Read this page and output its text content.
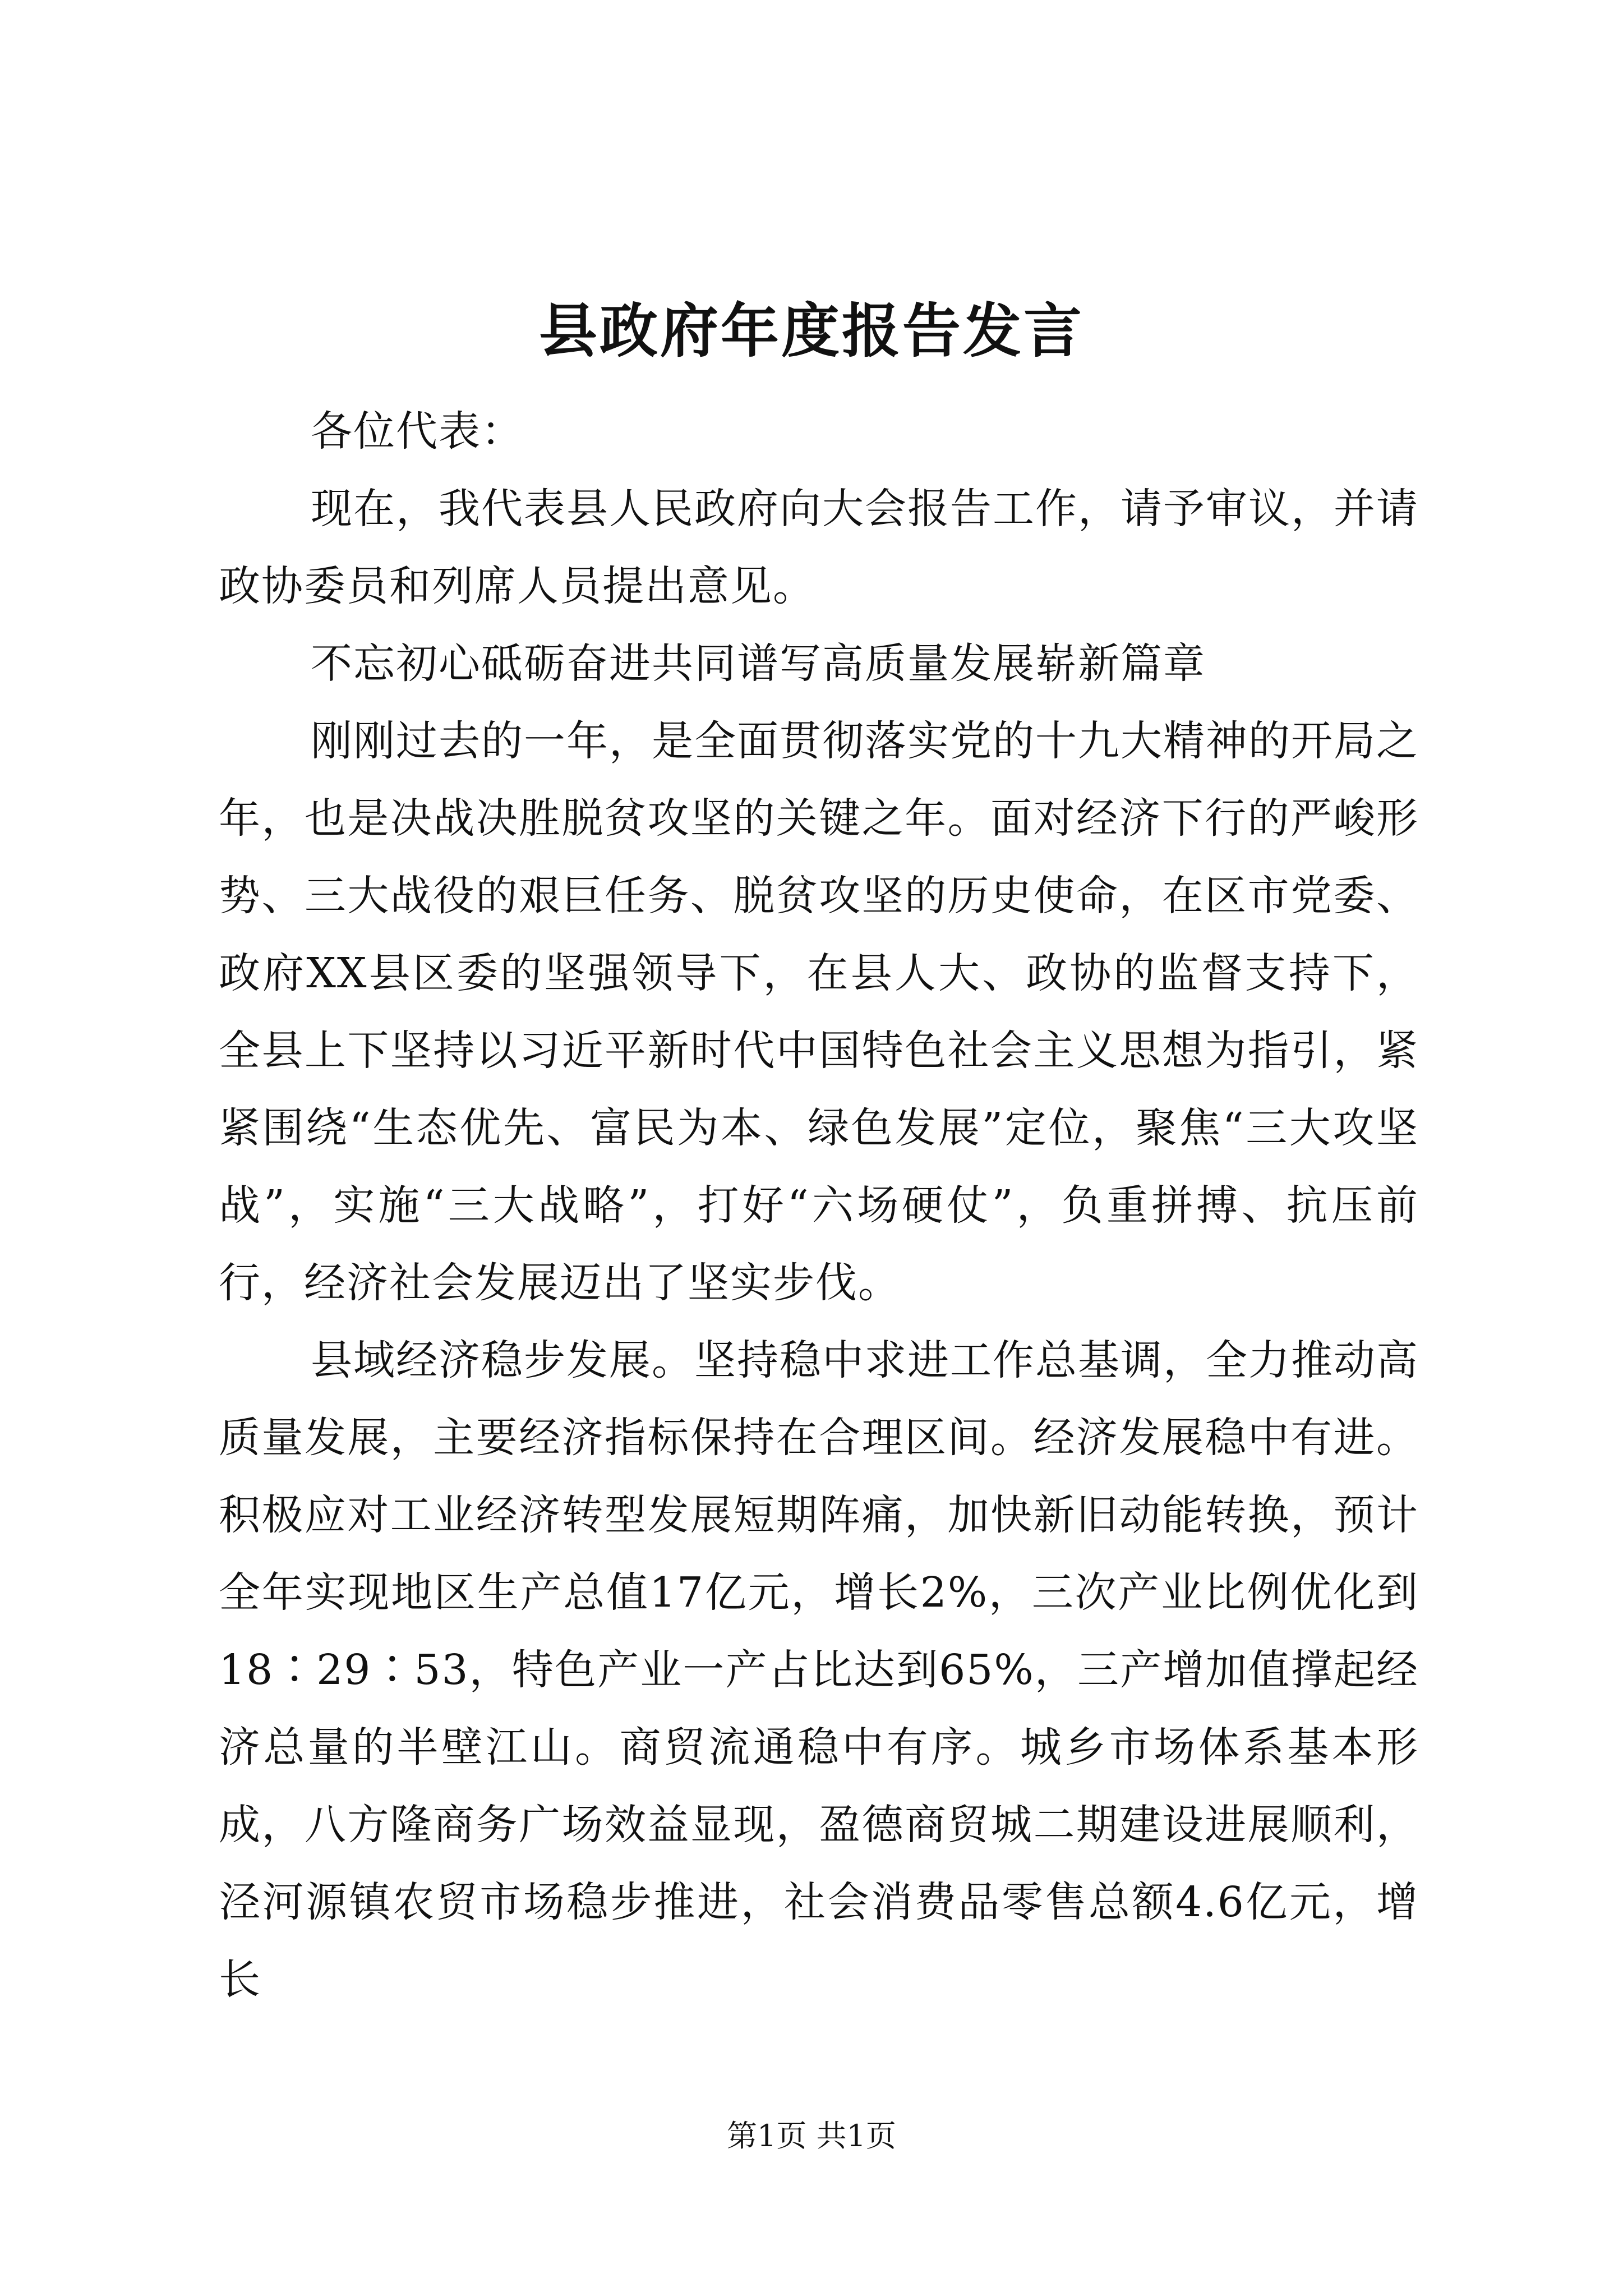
县政府年度报告发言

各位代表：

现在，我代表县人民政府向大会报告工作，请予审议，并请政协委员和列席人员提出意见。

不忘初心砥砺奋进共同谱写高质量发展崭新篇章

刚刚过去的一年，是全面贯彻落实党的十九大精神的开局之年，也是决战决胜脱贫攻坚的关键之年。面对经济下行的严峻形势、三大战役的艰巨任务、脱贫攻坚的历史使命，在区市党委、政府XX县区委的坚强领导下，在县人大、政协的监督支持下，全县上下坚持以习近平新时代中国特色社会主义思想为指引，紧紧围绕“生态优先、富民为本、绿色发展”定位，聚焦“三大攻坚战”，实施“三大战略”，打好“六场硬仗”，负重拼搏、抗压前行，经济社会发展迈出了坚实步伐。

县域经济稳步发展。坚持稳中求进工作总基调，全力推动高质量发展，主要经济指标保持在合理区间。经济发展稳中有进。积极应对工业经济转型发展短期阵痛，加快新旧动能转换，预计全年实现地区生产总值17亿元，增长2%，三次产业比例优化到18∶29∶53，特色产业一产占比达到65%，三产增加值撑起经济总量的半壁江山。商贸流通稳中有序。城乡市场体系基本形成，八方隆商务广场效益显现，盈德商贸城二期建设进展顺利，泾河源镇农贸市场稳步推进，社会消费品零售总额4.6亿元，增长

第1页 共1页
